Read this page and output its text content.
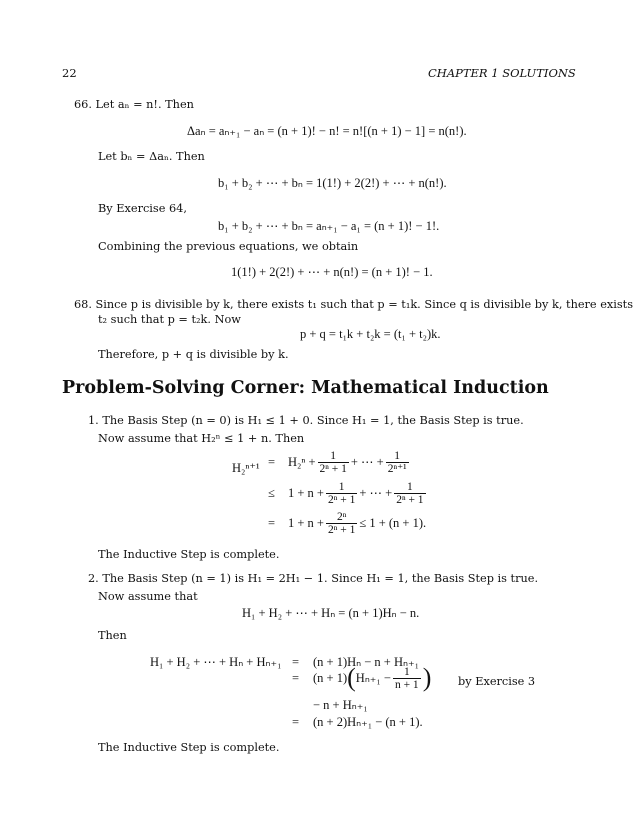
22	CHAPTER 1 SOLUTIONS
66. Let aₙ = n!. Then
Δaₙ = aₙ₊₁ − aₙ = (n + 1)! − n! = n![(n + 1) − 1] = n(n!).
Let bₙ = Δaₙ. Then
b₁ + b₂ + ⋯ + bₙ = 1(1!) + 2(2!) + ⋯ + n(n!).
By Exercise 64,
b₁ + b₂ + ⋯ + bₙ = aₙ₊₁ − a₁ = (n + 1)! − 1!.
Combining the previous equations, we obtain
1(1!) + 2(2!) + ⋯ + n(n!) = (n + 1)! − 1.
68. Since p is divisible by k, there exists t₁ such that p = t₁k. Since q is divisible by k, there exists
t₂ such that p = t₂k. Now
p + q = t₁k + t₂k = (t₁ + t₂)k.
Therefore, p + q is divisible by k.
Problem-Solving Corner: Mathematical Induction
1. The Basis Step (n = 0) is H₁ ≤ 1 + 0. Since H₁ = 1, the Basis Step is true.
Now assume that H₂ⁿ ≤ 1 + n. Then
H₂ⁿ⁺¹ =	$H_2^n + \frac{1}{\text{2ⁿ + 1}}$ + ⋯ + $\frac{1}{\text{2ⁿ⁺¹}}$
≤	$1 + n + \frac{1}{\text{2ⁿ + 1}}$ + ⋯ + $\frac{1}{\text{2ⁿ + 1}}$
=	$1 + n + \frac{\text{2ⁿ}}{\text{2ⁿ + 1}} \le 1 + (n + 1)$.
The Inductive Step is complete.
2. The Basis Step (n = 1) is H₁ = 2H₁ − 1. Since H₁ = 1, the Basis Step is true.
Now assume that
H₁ + H₂ + ⋯ + Hₙ = (n + 1)Hₙ − n.
Then
H₁ + H₂ + ⋯ + Hₙ + Hₙ₊₁ = (n + 1)Hₙ − n + Hₙ₊₁
=	(n + 1) ( $H_{n+1} - \frac{1}{n + 1}$ ) by Exercise 3
− n + Hₙ₊₁
= (n + 2)Hₙ₊₁ − (n + 1).
The Inductive Step is complete.
